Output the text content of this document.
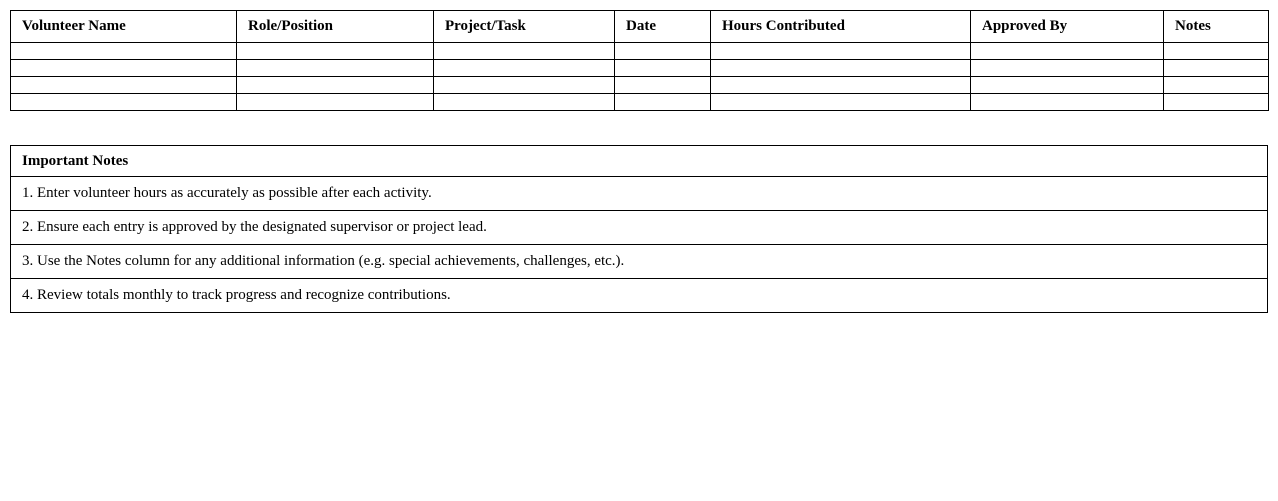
Volunteer Name	Role/Position	Project/Task	Date	Hours Contributed	Approved By	Notes

Important Notes
1. Enter volunteer hours as accurately as possible after each activity.
2. Ensure each entry is approved by the designated supervisor or project lead.
3. Use the Notes column for any additional information (e.g. special achievements, challenges, etc.).
4. Review totals monthly to track progress and recognize contributions.
